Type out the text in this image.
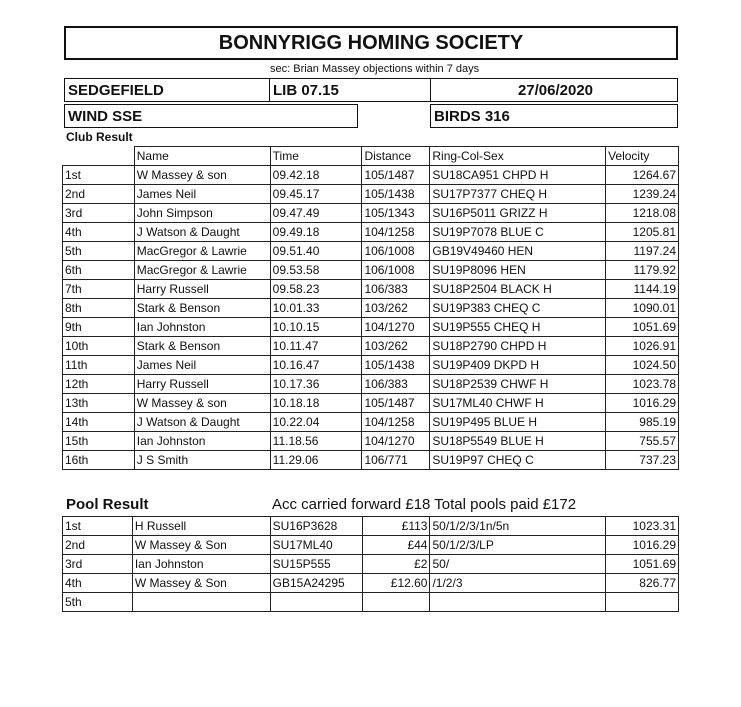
BONNYRIGG HOMING SOCIETY
sec: Brian Massey objections within 7 days
SEDGEFIELD	LIB 07.15	27/06/2020
WIND SSE	BIRDS 316
Club Result
	Name	Time	Distance	Ring-Col-Sex	Velocity
1st	W Massey & son	09.42.18	105/1487	SU18CA951 CHPD H	1264.67
2nd	James Neil	09.45.17	105/1438	SU17P7377 CHEQ H	1239.24
3rd	John Simpson	09.47.49	105/1343	SU16P5011 GRIZZ H	1218.08
4th	J Watson & Daught	09.49.18	104/1258	SU19P7078 BLUE C	1205.81
5th	MacGregor & Lawrie	09.51.40	106/1008	GB19V49460 HEN	1197.24
6th	MacGregor & Lawrie	09.53.58	106/1008	SU19P8096 HEN	1179.92
7th	Harry Russell	09.58.23	106/383	SU18P2504 BLACK H	1144.19
8th	Stark & Benson	10.01.33	103/262	SU19P383 CHEQ C	1090.01
9th	Ian Johnston	10.10.15	104/1270	SU19P555 CHEQ H	1051.69
10th	Stark & Benson	10.11.47	103/262	SU18P2790 CHPD H	1026.91
11th	James Neil	10.16.47	105/1438	SU19P409 DKPD H	1024.50
12th	Harry Russell	10.17.36	106/383	SU18P2539 CHWF H	1023.78
13th	W Massey & son	10.18.18	105/1487	SU17ML40 CHWF H	1016.29
14th	J Watson & Daught	10.22.04	104/1258	SU19P495 BLUE H	985.19
15th	Ian Johnston	11.18.56	104/1270	SU18P5549 BLUE H	755.57
16th	J S Smith	11.29.06	106/771	SU19P97 CHEQ C	737.23
Pool Result	Acc carried forward £18 Total pools paid £172
1st	H Russell	SU16P3628	£113	50/1/2/3/1n/5n	1023.31
2nd	W Massey & Son	SU17ML40	£44	50/1/2/3/LP	1016.29
3rd	Ian Johnston	SU15P555	£2	50/	1051.69
4th	W Massey & Son	GB15A24295	£12.60	/1/2/3	826.77
5th					
